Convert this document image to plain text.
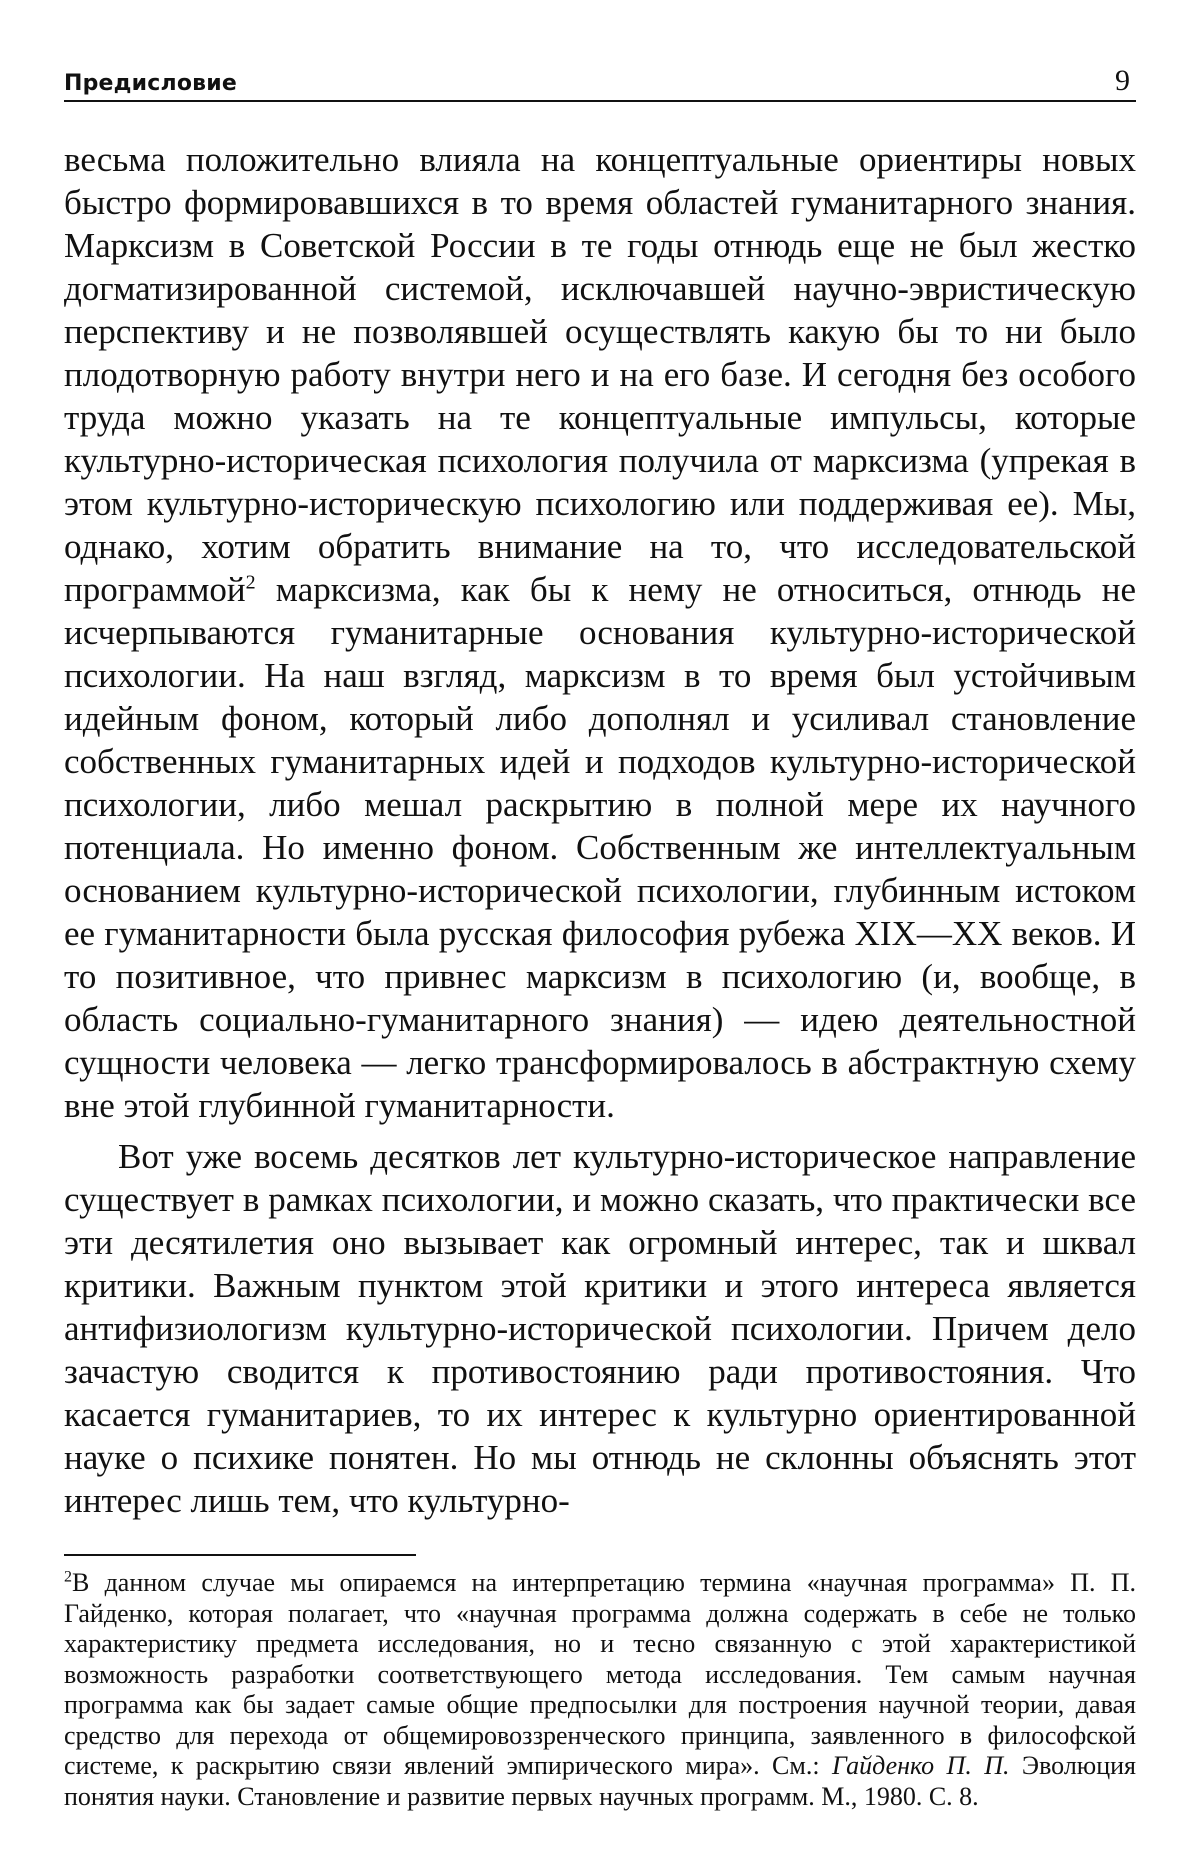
Предисловие	9

весьма положительно влияла на концептуальные ориентиры новых быстро формировавшихся в то время областей гуманитарного знания. Марксизм в Советской России в те годы отнюдь еще не был жестко догматизированной системой, исключавшей научно-эвристическую перспективу и не позволявшей осуществлять какую бы то ни было плодотворную работу внутри него и на его базе. И сегодня без особого труда можно указать на те концептуальные импульсы, которые культурно-историческая психология получила от марксизма (упрекая в этом культурно-историческую психологию или поддерживая ее). Мы, однако, хотим обратить внимание на то, что исследовательской программой$^2$ марксизма, как бы к нему не относиться, отнюдь не исчерпываются гуманитарные основания культурно-исторической психологии. На наш взгляд, марксизм в то время был устойчивым идейным фоном, который либо дополнял и усиливал становление собственных гуманитарных идей и подходов культурно-исторической психологии, либо мешал раскрытию в полной мере их научного потенциала. Но именно фоном. Собственным же интеллектуальным основанием культурно-исторической психологии, глубинным истоком ее гуманитарности была русская философия рубежа XIX—XX веков. И то позитивное, что привнес марксизм в психологию (и, вообще, в область социально-гуманитарного знания) — идею деятельностной сущности человека — легко трансформировалось в абстрактную схему вне этой глубинной гуманитарности.

Вот уже восемь десятков лет культурно-историческое направление существует в рамках психологии, и можно сказать, что практически все эти десятилетия оно вызывает как огромный интерес, так и шквал критики. Важным пунктом этой критики и этого интереса является антифизиологизм культурно-исторической психологии. Причем дело зачастую сводится к противостоянию ради противостояния. Что касается гуманитариев, то их интерес к культурно ориентированной науке о психике понятен. Но мы отнюдь не склонны объяснять этот интерес лишь тем, что культурно-

$^2$В данном случае мы опираемся на интерпретацию термина «научная программа» П. П. Гайденко, которая полагает, что «научная программа должна содержать в себе не только характеристику предмета исследования, но и тесно связанную с этой характеристикой возможность разработки соответствующего метода исследования. Тем самым научная программа как бы задает самые общие предпосылки для построения научной теории, давая средство для перехода от общемировоззренческого принципа, заявленного в философской системе, к раскрытию связи явлений эмпирического мира». См.: Гайденко П. П. Эволюция понятия науки. Становление и развитие первых научных программ. М., 1980. С. 8.
